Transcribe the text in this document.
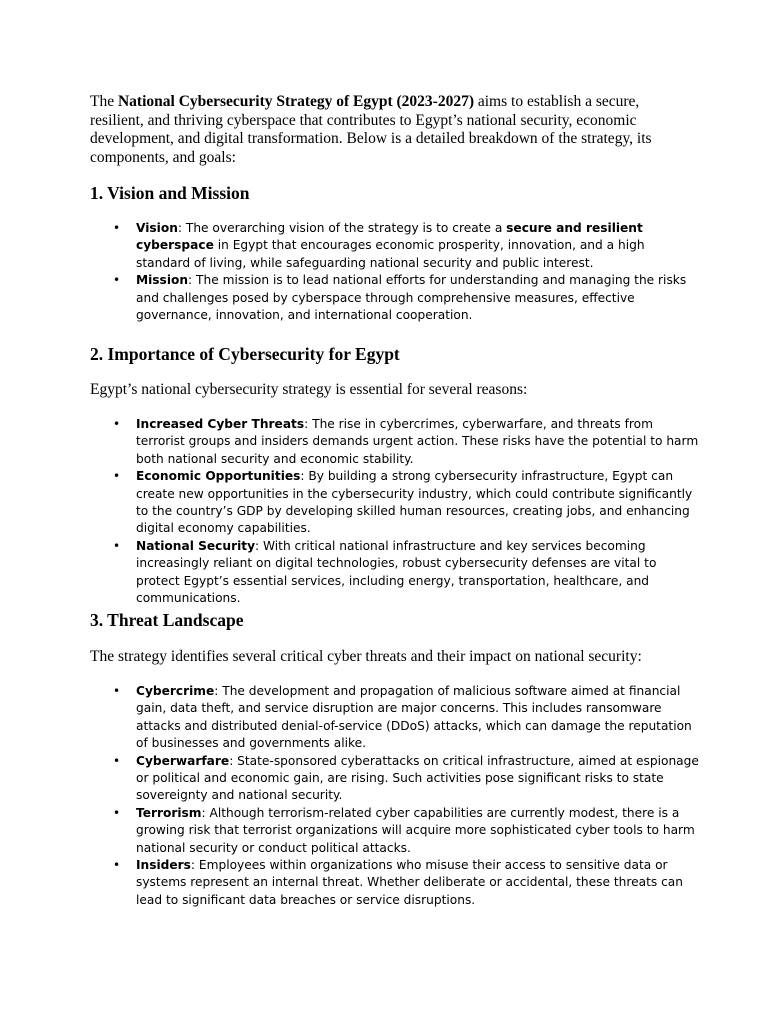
The National Cybersecurity Strategy of Egypt (2023-2027) aims to establish a secure, resilient, and thriving cyberspace that contributes to Egypt’s national security, economic development, and digital transformation. Below is a detailed breakdown of the strategy, its components, and goals:

1. Vision and Mission
• Vision: The overarching vision of the strategy is to create a secure and resilient cyberspace in Egypt that encourages economic prosperity, innovation, and a high standard of living, while safeguarding national security and public interest.
• Mission: The mission is to lead national efforts for understanding and managing the risks and challenges posed by cyberspace through comprehensive measures, effective governance, innovation, and international cooperation.
2. Importance of Cybersecurity for Egypt

Egypt’s national cybersecurity strategy is essential for several reasons:

• Increased Cyber Threats: The rise in cybercrimes, cyberwarfare, and threats from terrorist groups and insiders demands urgent action. These risks have the potential to harm both national security and economic stability.
• Economic Opportunities: By building a strong cybersecurity infrastructure, Egypt can create new opportunities in the cybersecurity industry, which could contribute significantly to the country’s GDP by developing skilled human resources, creating jobs, and enhancing digital economy capabilities.
• National Security: With critical national infrastructure and key services becoming increasingly reliant on digital technologies, robust cybersecurity defenses are vital to protect Egypt’s essential services, including energy, transportation, healthcare, and communications.
3. Threat Landscape

The strategy identifies several critical cyber threats and their impact on national security:

• Cybercrime: The development and propagation of malicious software aimed at financial gain, data theft, and service disruption are major concerns. This includes ransomware attacks and distributed denial-of-service (DDoS) attacks, which can damage the reputation of businesses and governments alike.
• Cyberwarfare: State-sponsored cyberattacks on critical infrastructure, aimed at espionage or political and economic gain, are rising. Such activities pose significant risks to state sovereignty and national security.
• Terrorism: Although terrorism-related cyber capabilities are currently modest, there is a growing risk that terrorist organizations will acquire more sophisticated cyber tools to harm national security or conduct political attacks.
• Insiders: Employees within organizations who misuse their access to sensitive data or systems represent an internal threat. Whether deliberate or accidental, these threats can lead to significant data breaches or service disruptions.
